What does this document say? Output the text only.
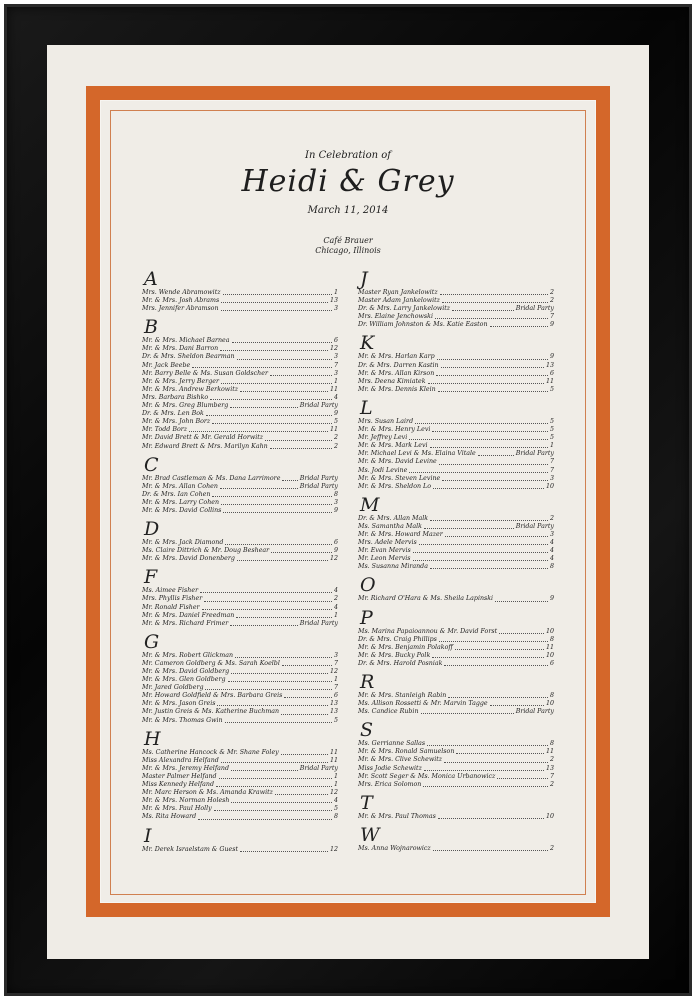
In Celebration of
Heidi & Grey
March 11, 2014
Café Brauer
Chicago, Illinois
A
Mrs. Wende Abramowitz	1
Mr. & Mrs. Josh Abrams	13
Mrs. Jennifer Abramson	3
B
Mr. & Mrs. Michael Barnea	6
Mr. & Mrs. Dani Barron	12
Dr. & Mrs. Sheldon Bearman	3
Mr. Jack Beebe	7
Mr. Barry Belle & Ms. Susan Goldscher	3
Mr. & Mrs. Jerry Berger	1
Mr. & Mrs. Andrew Berkowitz	11
Mrs. Barbara Bishko	4
Mr. & Mrs. Greg Blumberg	Bridal Party
Dr. & Mrs. Len Bok	9
Mr. & Mrs. John Borz	5
Mr. Todd Borz	11
Mr. David Brett & Mr. Gerald Horwitz	2
Mr. Edward Brett & Mrs. Marilyn Kahn	2
C
Mr. Brad Castleman & Ms. Dana Larrimore	Bridal Party
Mr. & Mrs. Allan Cohen	Bridal Party
Dr. & Mrs. Ian Cohen	8
Mr. & Mrs. Larry Cohen	3
Mr. & Mrs. David Collins	9
D
Mr. & Mrs. Jack Diamond	6
Ms. Claire Dittrich & Mr. Doug Beshear	9
Mr. & Mrs. David Donenberg	12
F
Ms. Aimee Fisher	4
Mrs. Phyllis Fisher	2
Mr. Ronald Fisher	4
Mr. & Mrs. Daniel Freedman	1
Mr. & Mrs. Richard Frimer	Bridal Party
G
Mr. & Mrs. Robert Glickman	3
Mr. Cameron Goldberg & Ms. Sarah Koelbl	7
Mr. & Mrs. David Goldberg	12
Mr. & Mrs. Glen Goldberg	1
Mr. Jared Goldberg	7
Mr. Howard Goldfield & Mrs. Barbara Greis	6
Mr. & Mrs. Jason Greis	13
Mr. Justin Greis & Ms. Katherine Buchman	13
Mr. & Mrs. Thomas Gwin	5
H
Ms. Catherine Hancock & Mr. Shane Foley	11
Miss Alexandra Helfand	11
Mr. & Mrs. Jeremy Helfand	Bridal Party
Master Palmer Helfand	1
Miss Kennedy Helfand	1
Mr. Marc Herson & Ms. Amanda Krawitz	12
Mr. & Mrs. Norman Holesh	4
Mr. & Mrs. Paul Holly	5
Ms. Rita Howard	8
I
Mr. Derek Israelstam & Guest	12
J
Master Ryan Jankelowitz	2
Master Adam Jankelowitz	2
Dr. & Mrs. Larry Jankelowitz	Bridal Party
Mrs. Elaine Jenchowski	7
Dr. William Johnston & Ms. Katie Easton	9
K
Mr. & Mrs. Harlan Karp	9
Dr. & Mrs. Darren Kastin	13
Mr. & Mrs. Allan Kirson	6
Mrs. Deena Kimiatek	11
Mr. & Mrs. Dennis Klein	5
L
Mrs. Susan Laird	5
Mr. & Mrs. Henry Levi	5
Mr. Jeffrey Levi	5
Mr. & Mrs. Mark Levi	1
Mr. Michael Levi & Ms. Elaina Vitale	Bridal Party
Mr. & Mrs. David Levine	7
Ms. Jodi Levine	7
Mr. & Mrs. Steven Levine	3
Mr. & Mrs. Sheldon Lo	10
M
Dr. & Mrs. Allan Malk	2
Ms. Samantha Malk	Bridal Party
Mr. & Mrs. Howard Mazer	3
Mrs. Adele Mervis	4
Mr. Evan Mervis	4
Mr. Leon Mervis	4
Ms. Susanna Miranda	8
O
Mr. Richard O'Hara & Ms. Sheila Lapinski	9
P
Ms. Marina Papaioannou & Mr. David Forst	10
Dr. & Mrs. Craig Phillips	8
Mr. & Mrs. Benjamin Polakoff	11
Mr. & Mrs. Bucky Polk	10
Dr. & Mrs. Harold Posniak	6
R
Mr. & Mrs. Stanleigh Rabin	8
Ms. Allison Rossetti & Mr. Marvin Tagge	10
Ms. Candice Rubin	Bridal Party
S
Ms. Gerrianne Sallas	8
Mr. & Mrs. Ronald Samuelson	11
Mr. & Mrs. Clive Schewitz	2
Miss Jodie Schewitz	13
Mr. Scott Seger & Ms. Monica Urbanowicz	7
Mrs. Erica Solomon	2
T
Mr. & Mrs. Paul Thomas	10
W
Ms. Anna Wojnarowicz	2
